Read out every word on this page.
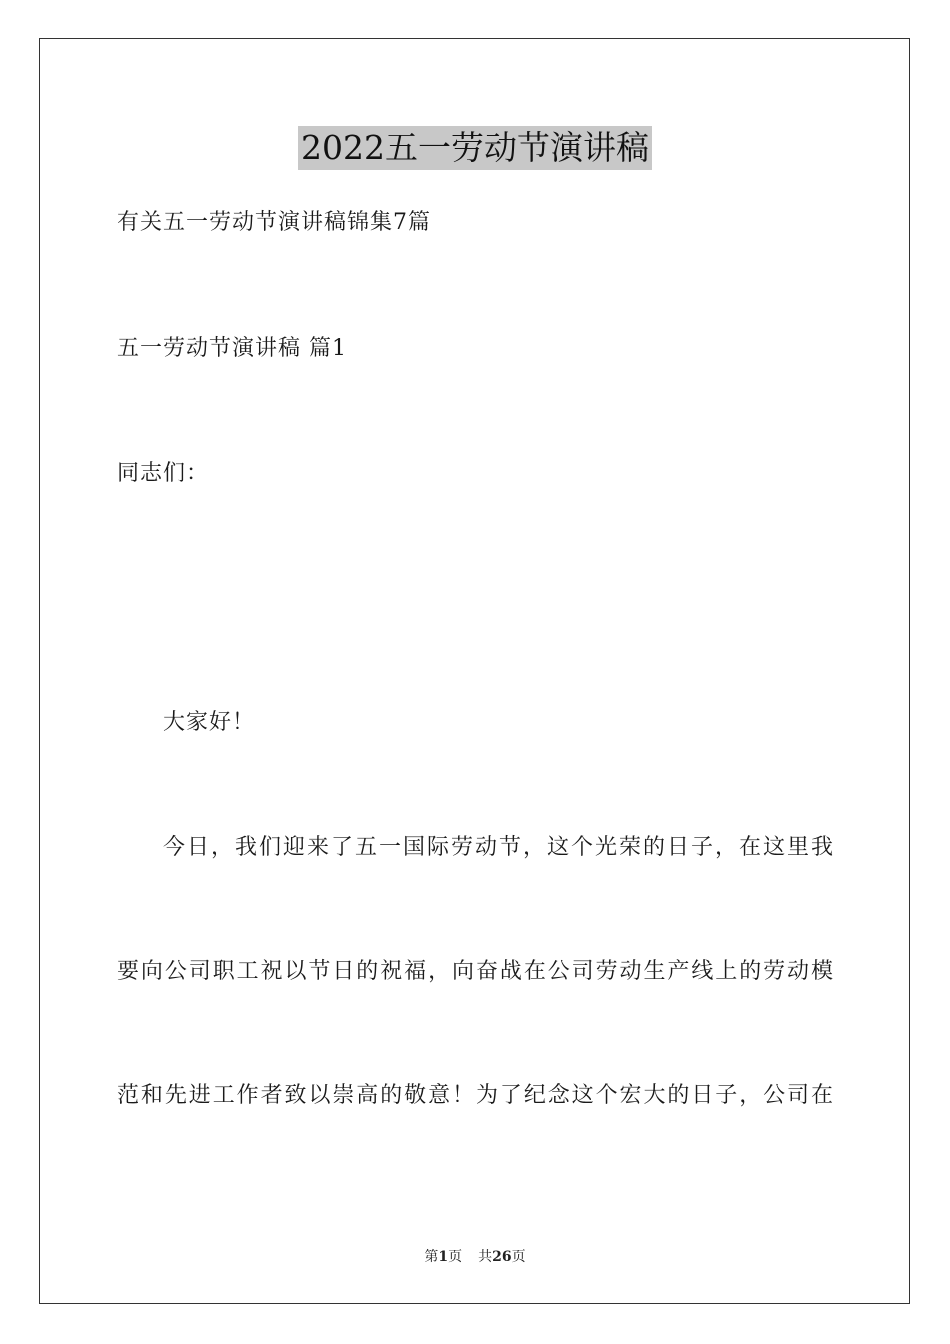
2022五一劳动节演讲稿
有关五一劳动节演讲稿锦集7篇
五一劳动节演讲稿 篇1
同志们：
大家好！
今日，我们迎来了五一国际劳动节，这个光荣的日子，在这里我
要向公司职工祝以节日的祝福，向奋战在公司劳动生产线上的劳动模
范和先进工作者致以崇高的敬意！为了纪念这个宏大的日子，公司在
第1页 共26页
